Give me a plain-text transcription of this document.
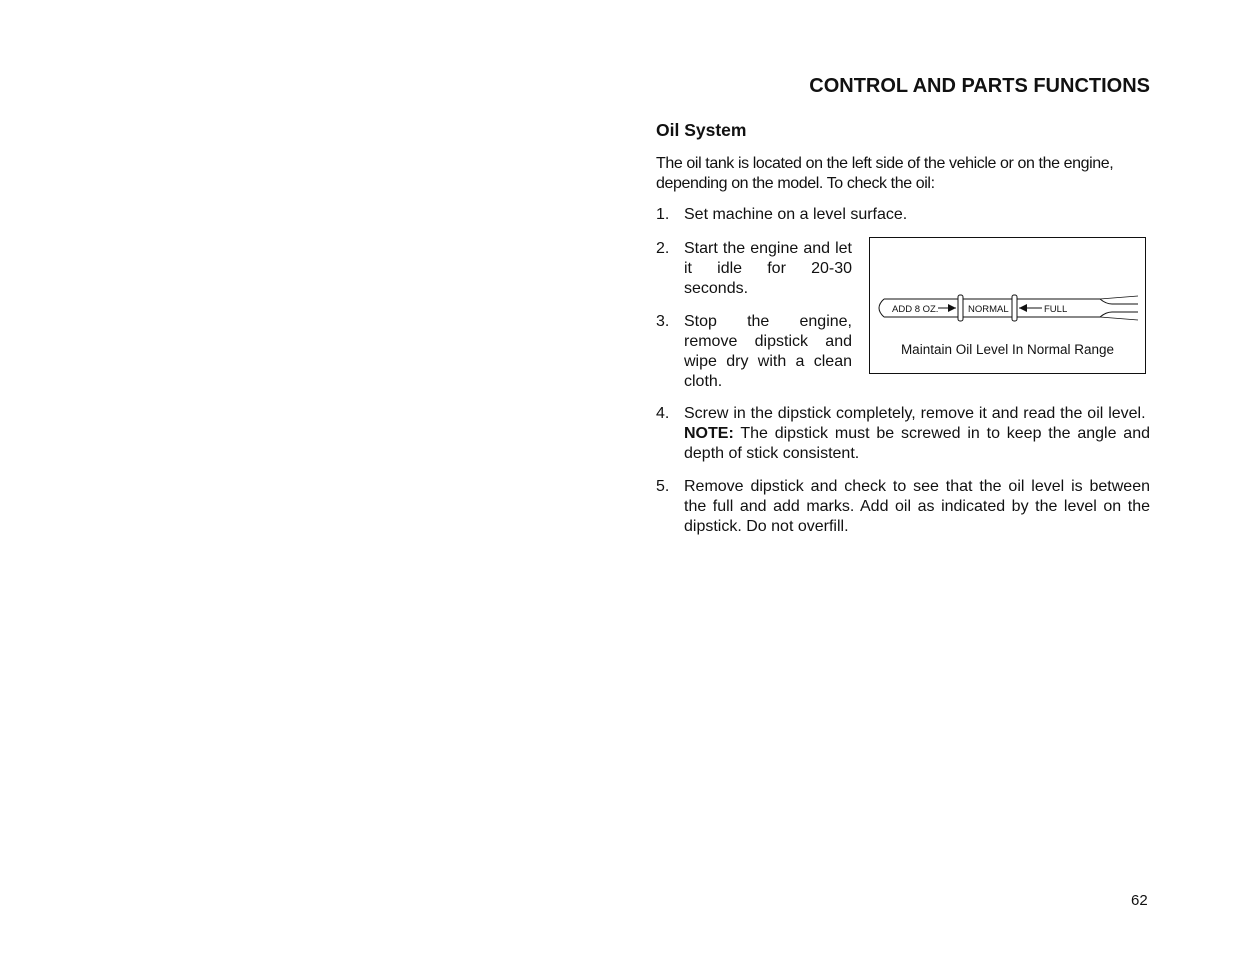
CONTROL AND PARTS FUNCTIONS
Oil System

The oil tank is located on the left side of the vehicle or on the engine, depending on the model. To check the oil:

1. Set machine on a level surface.
2. Start the engine and let it idle for 20-30 seconds.
3. Stop the engine, remove dipstick and wipe dry with a clean cloth.
ADD 8 OZ.	NORMAL	FULL

Maintain Oil Level In Normal Range

4. Screw in the dipstick completely, remove it and read the oil level.  NOTE: The dipstick must be screwed in to keep the angle and depth of stick consistent.
5. Remove dipstick and check to see that the oil level is between the full and add marks. Add oil as indicated by the level on the dipstick. Do not overfill.

62
